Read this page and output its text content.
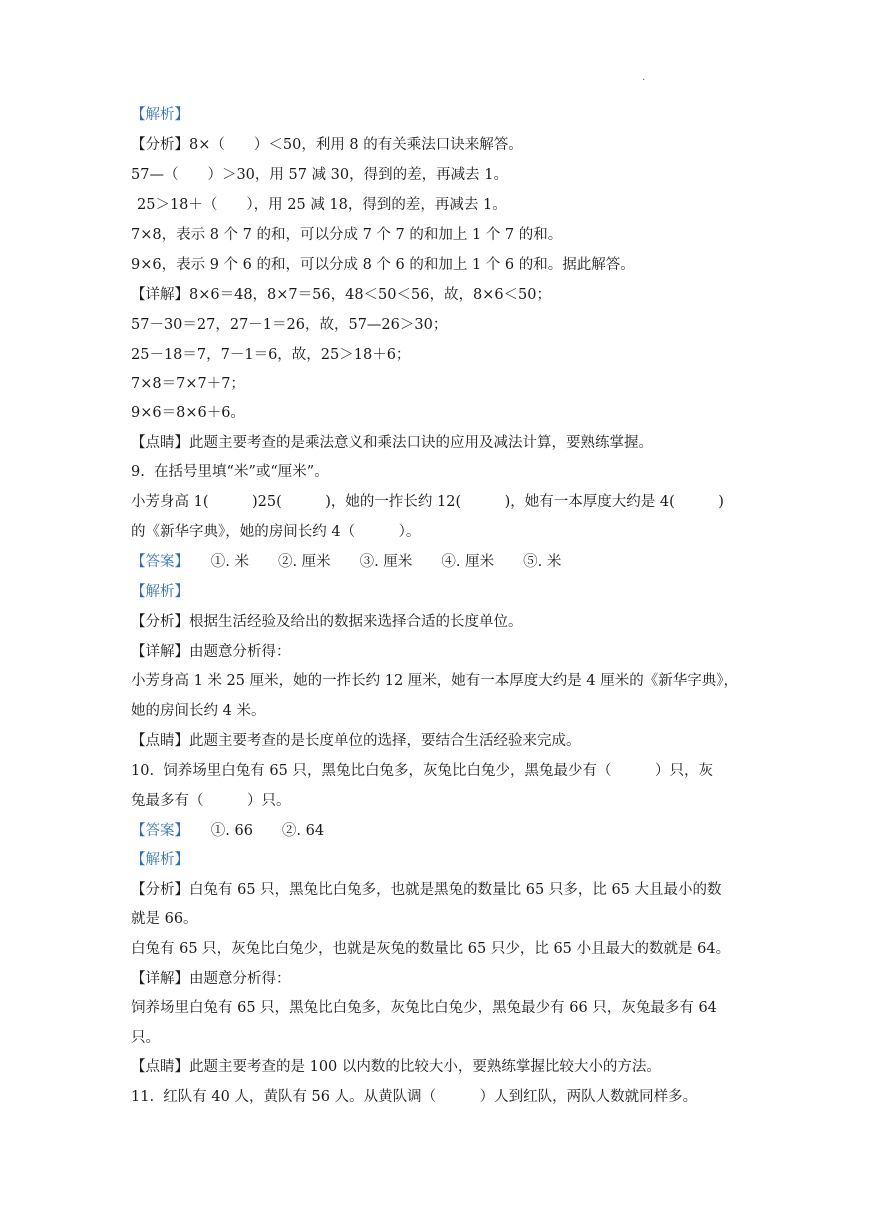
.
【解析】
【分析】8×（　　）＜50，利用 8 的有关乘法口诀来解答。
57—（　　）＞30，用 57 减 30，得到的差，再减去 1。
25＞18＋（　　），用 25 减 18，得到的差，再减去 1。
7×8，表示 8 个 7 的和，可以分成 7 个 7 的和加上 1 个 7 的和。
9×6，表示 9 个 6 的和，可以分成 8 个 6 的和加上 1 个 6 的和。据此解答。
【详解】8×6＝48，8×7＝56，48＜50＜56，故，8×6＜50；
57－30＝27，27－1＝26，故，57—26＞30；
25－18＝7，7－1＝6，故，25＞18＋6；
7×8＝7×7＋7；
9×6＝8×6＋6。
【点睛】此题主要考查的是乘法意义和乘法口诀的应用及减法计算，要熟练掌握。
9.  在括号里填“米”或“厘米”。
小芳身高 1(　　　)25(　　　)，她的一拃长约 12(　　　)，她有一本厚度大约是 4(　　　)
的《新华字典》，她的房间长约 4（　　　）。
【答案】　　①. 米　　②. 厘米　　③. 厘米　　④. 厘米　　⑤. 米
【解析】
【分析】根据生活经验及给出的数据来选择合适的长度单位。
【详解】由题意分析得：
小芳身高 1 米 25 厘米，她的一拃长约 12 厘米，她有一本厚度大约是 4 厘米的《新华字典》，
她的房间长约 4 米。
【点睛】此题主要考查的是长度单位的选择，要结合生活经验来完成。
10.  饲养场里白兔有 65 只，黑兔比白兔多，灰兔比白兔少，黑兔最少有（　　　）只，灰
兔最多有（　　　）只。
【答案】　　①. 66　　②. 64
【解析】
【分析】白兔有 65 只，黑兔比白兔多，也就是黑兔的数量比 65 只多，比 65 大且最小的数
就是 66。
白兔有 65 只，灰兔比白兔少，也就是灰兔的数量比 65 只少，比 65 小且最大的数就是 64。
【详解】由题意分析得：
饲养场里白兔有 65 只，黑兔比白兔多，灰兔比白兔少，黑兔最少有 66 只，灰兔最多有 64
只。
【点睛】此题主要考查的是 100 以内数的比较大小，要熟练掌握比较大小的方法。
11.  红队有 40 人，黄队有 56 人。从黄队调（　　　）人到红队，两队人数就同样多。
